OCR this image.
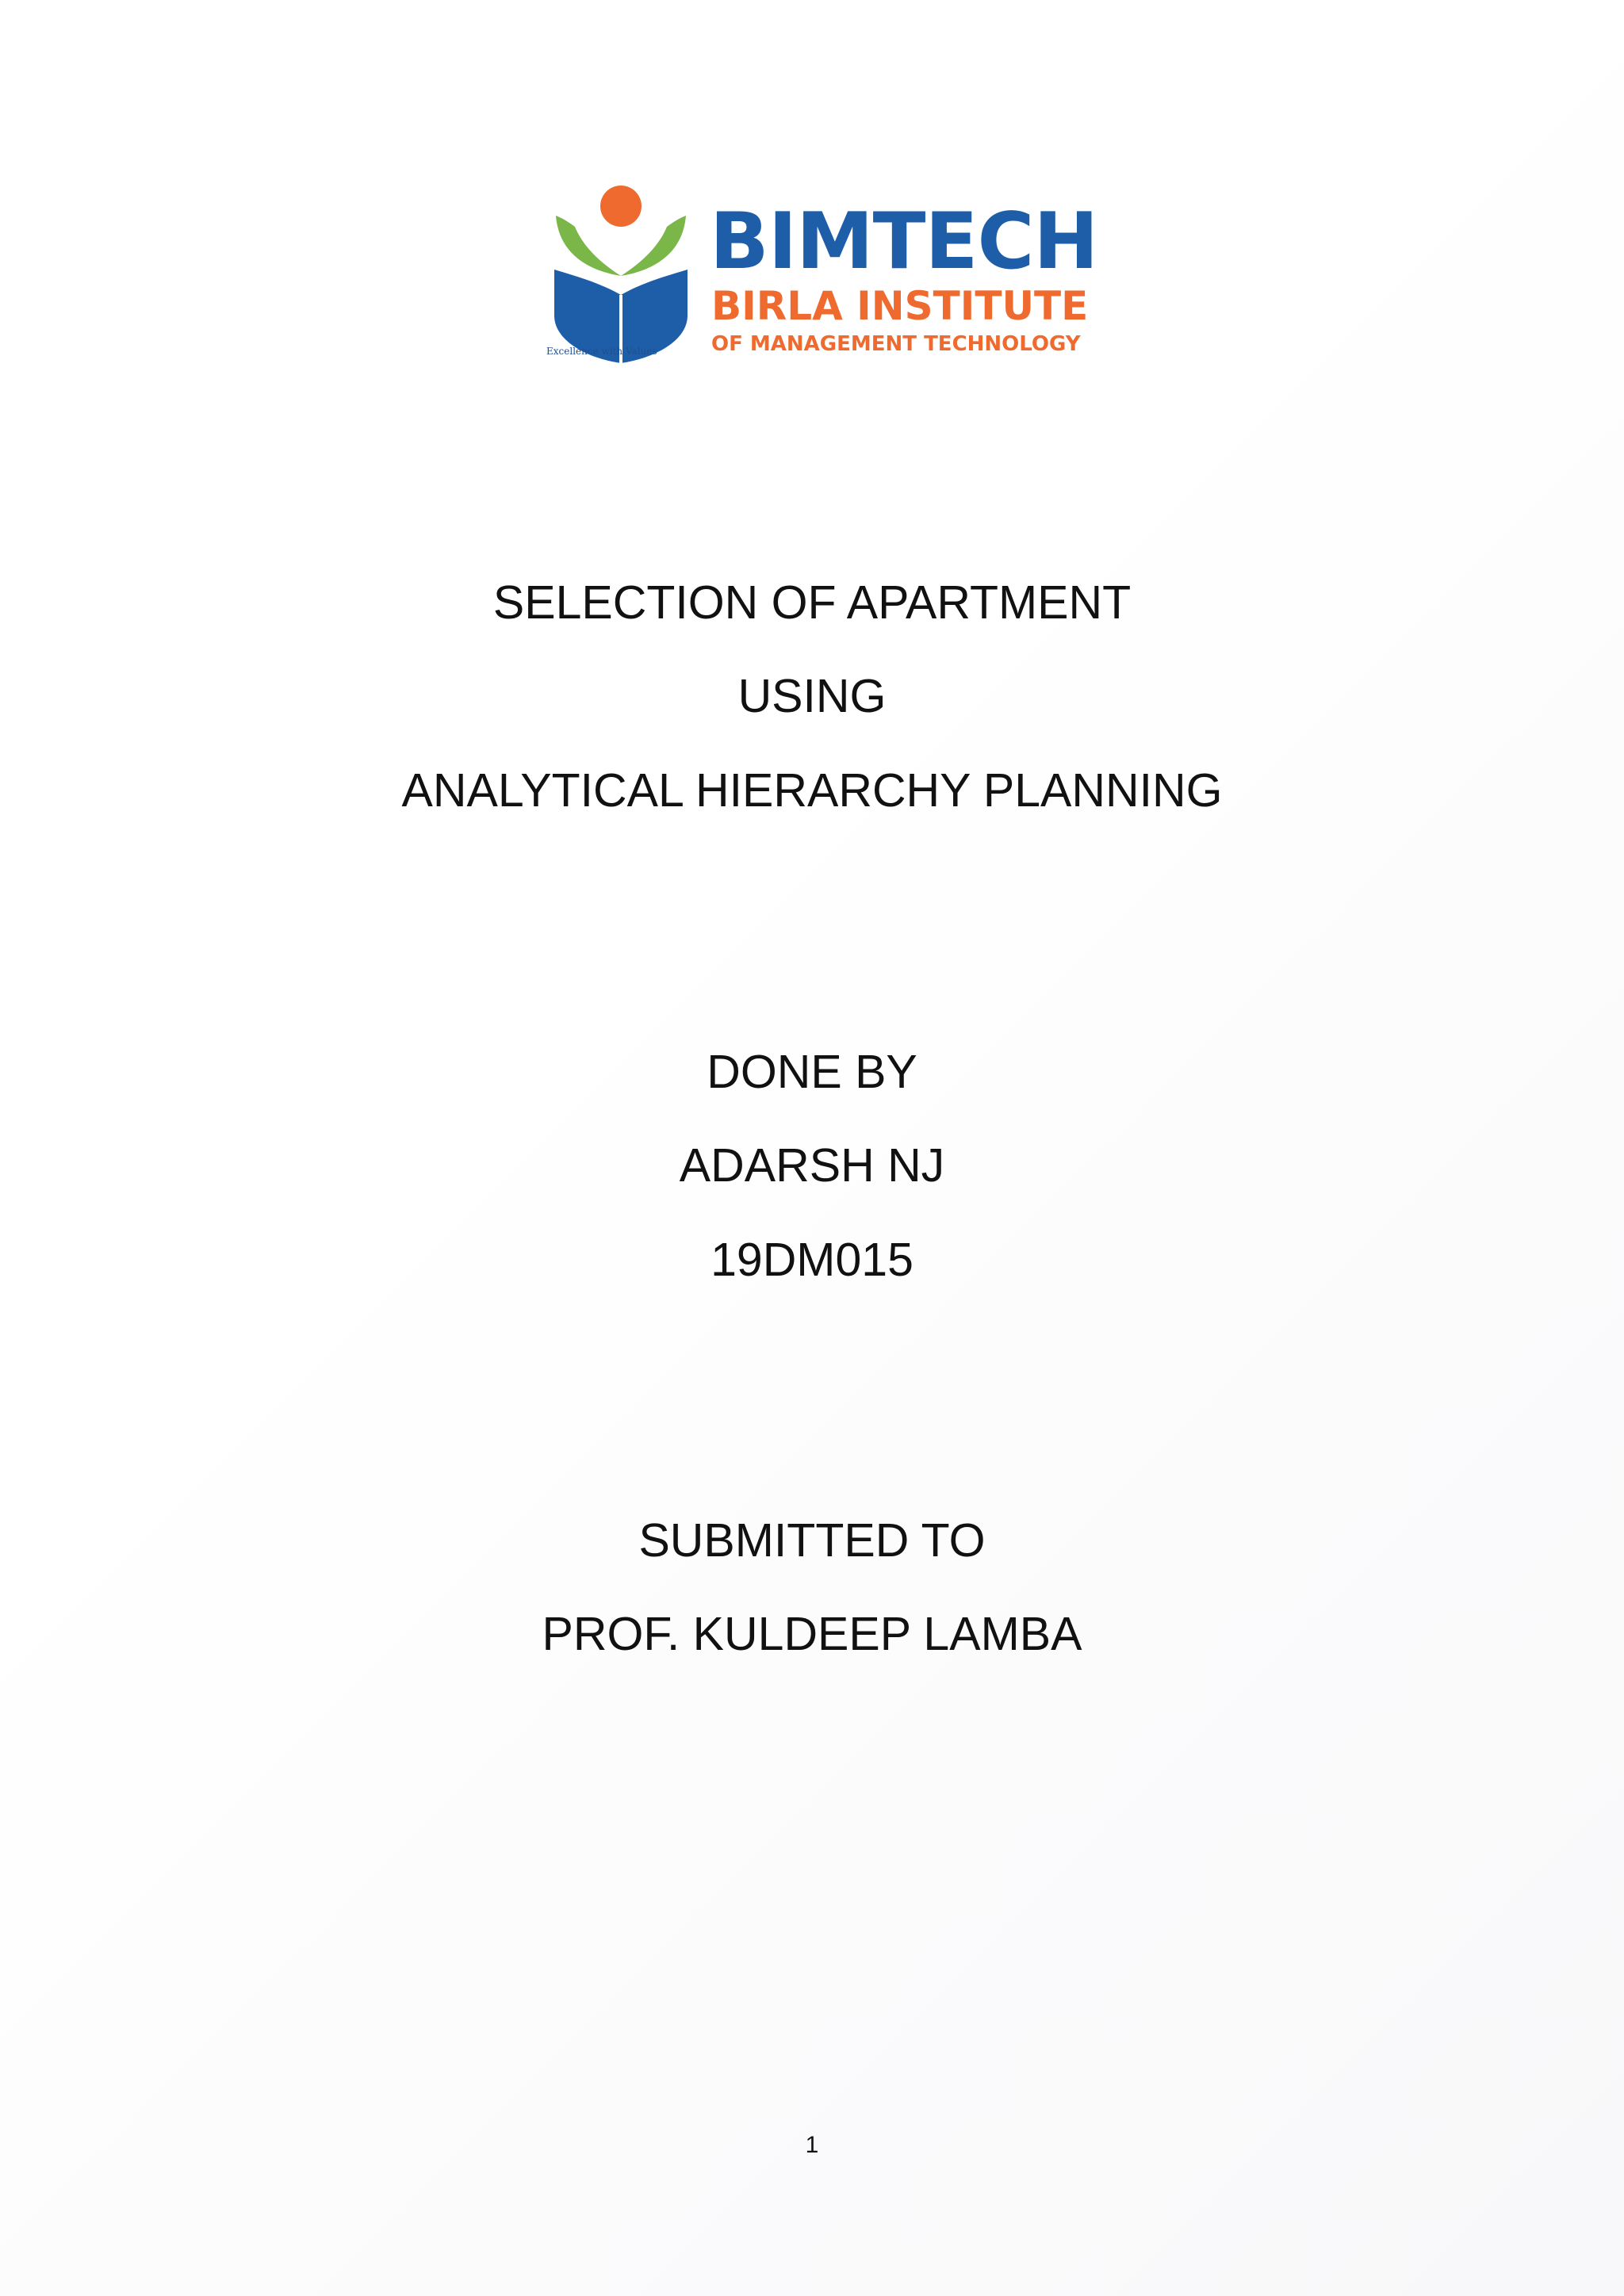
BIMTECH
BIRLA INSTITUTE
OF MANAGEMENT TECHNOLOGY
Excellence with Values
SELECTION OF APARTMENT
USING
ANALYTICAL HIERARCHY PLANNING
DONE BY
ADARSH NJ
19DM015
SUBMITTED TO
PROF. KULDEEP LAMBA
1
